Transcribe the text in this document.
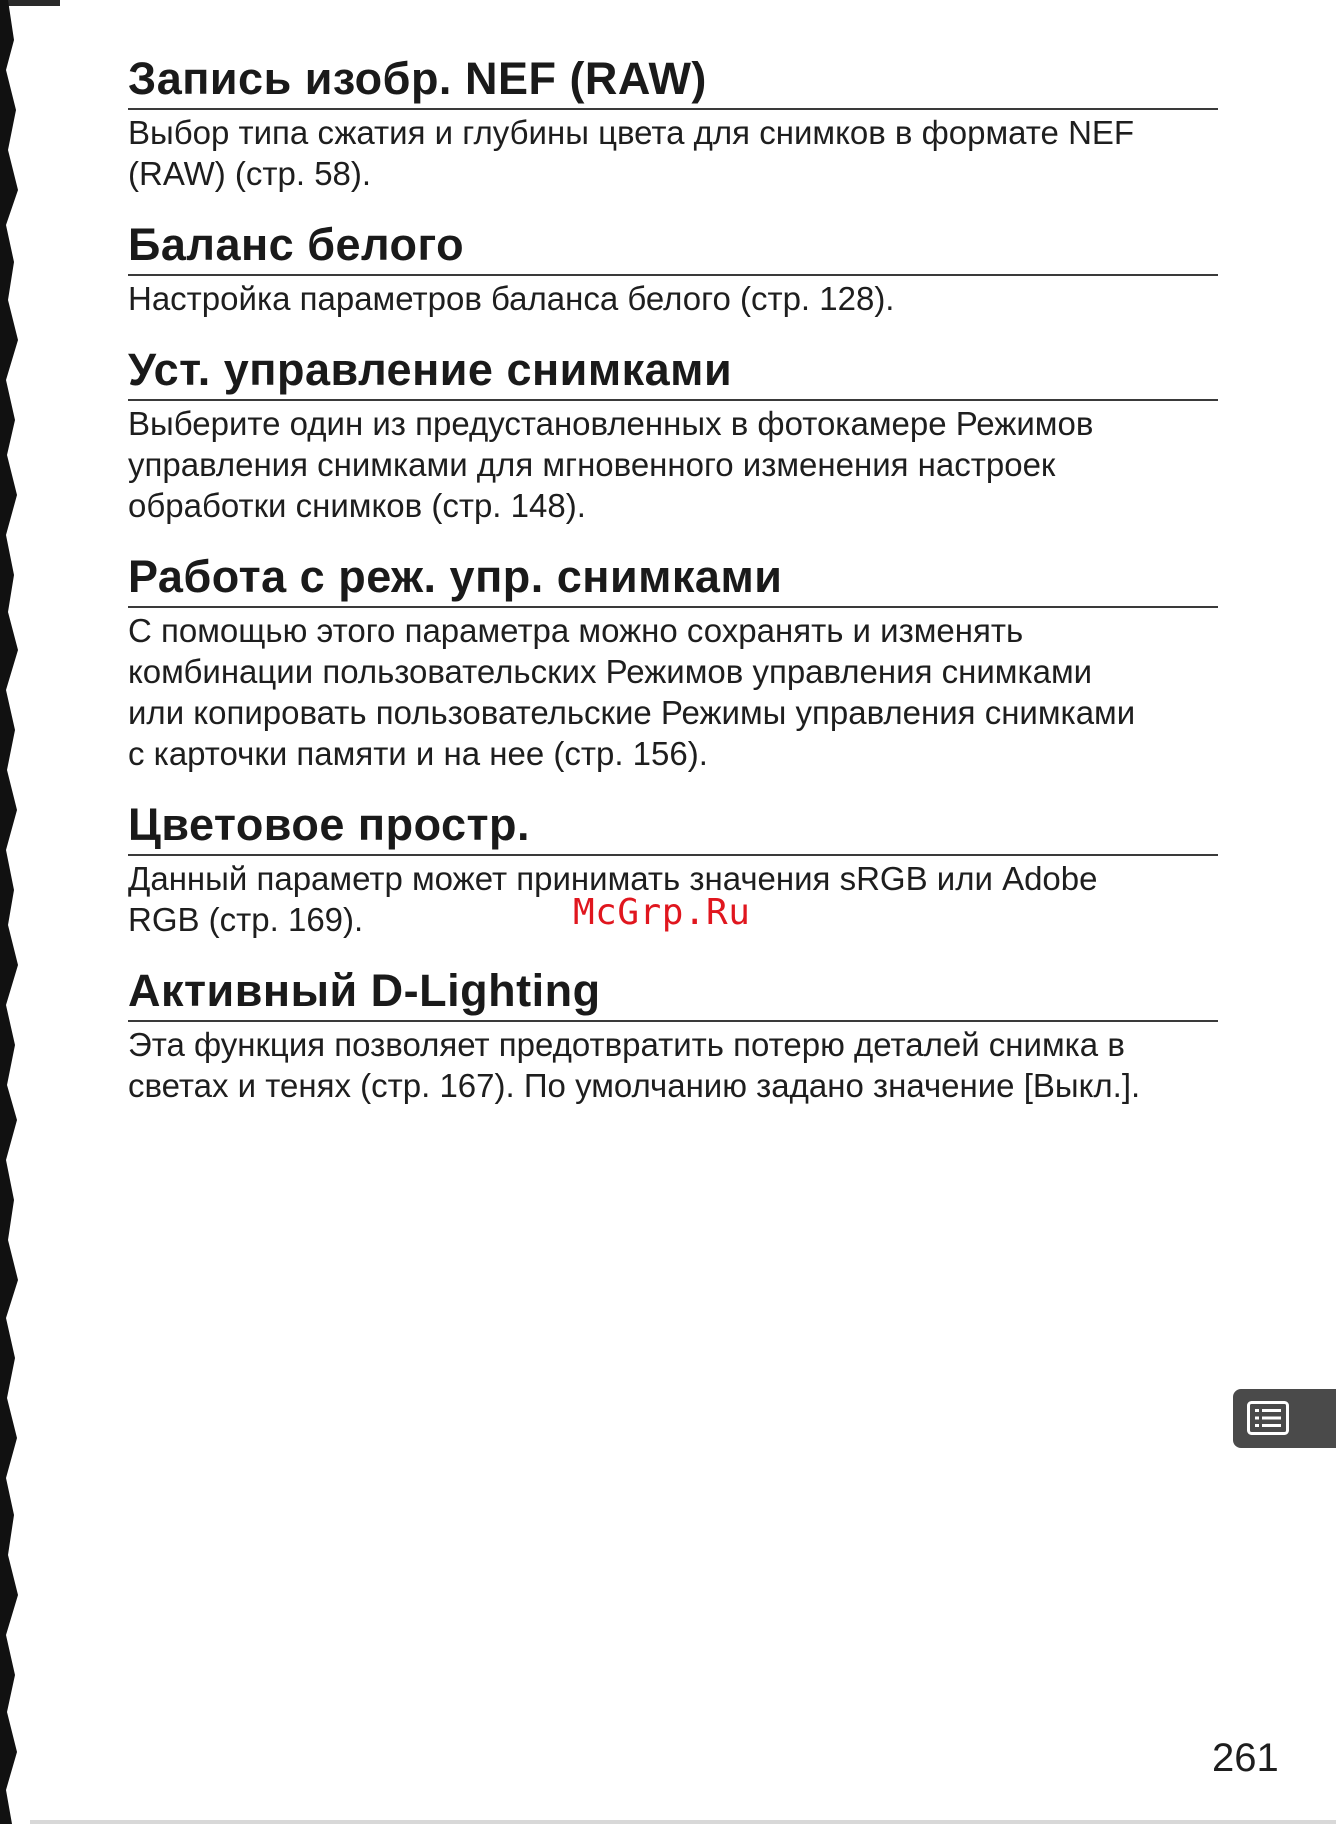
Запись изобр. NEF (RAW)

Выбор типа сжатия и глубины цвета для снимков в формате NEF
(RAW) (стр. 58).

Баланс белого

Настройка параметров баланса белого (стр. 128).

Уст. управление снимками

Выберите один из предустановленных в фотокамере Режимов
управления снимками для мгновенного изменения настроек
обработки снимков (стр. 148).

Работа с реж. упр. снимками

С помощью этого параметра можно сохранять и изменять
комбинации пользовательских Режимов управления снимками
или копировать пользовательские Режимы управления снимками
с карточки памяти и на нее (стр. 156).

Цветовое простр.

Данный параметр может принимать значения sRGB или Adobe
RGB (стр. 169).

Активный D-Lighting

Эта функция позволяет предотвратить потерю деталей снимка в
светах и тенях (стр. 167). По умолчанию задано значение [Выкл.].

McGrp.Ru
261
